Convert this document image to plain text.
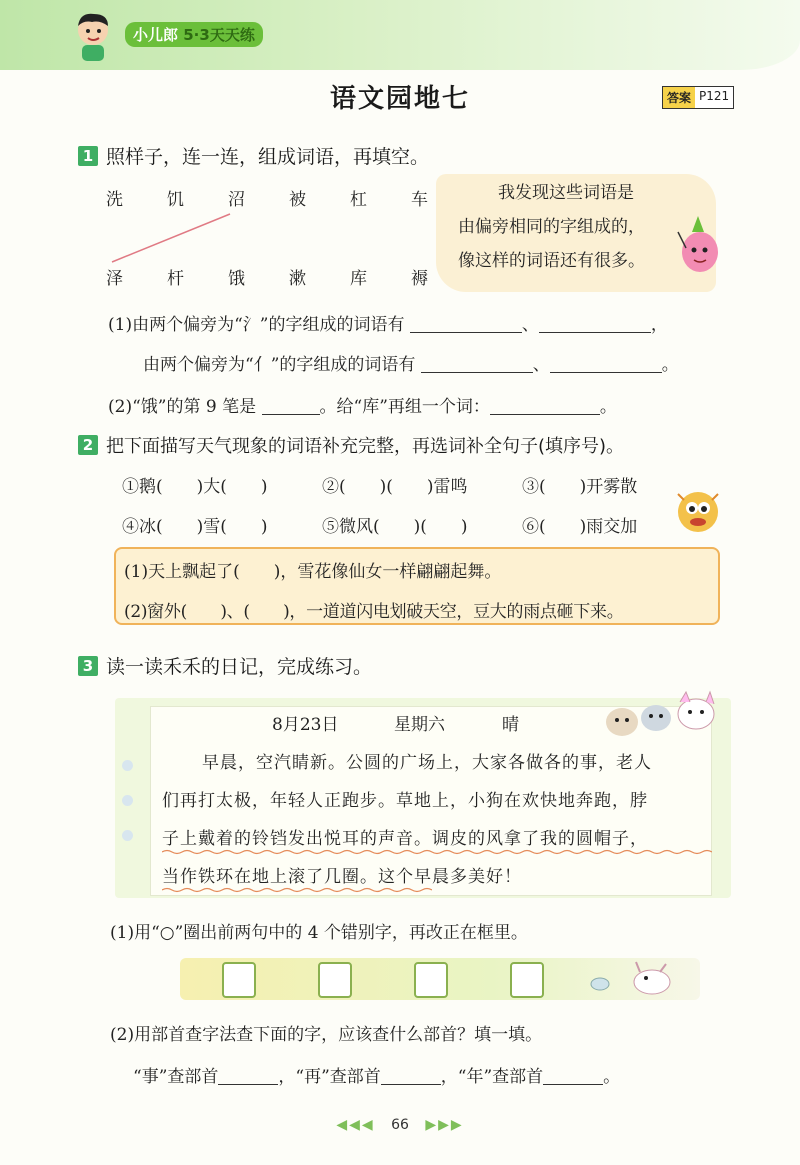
小儿郎 5·3天天练
语文园地七	答案 P121
1 照样子，连一连，组成词语，再填空。
洗	饥	沼	被	杠	车
泽	杆	饿	漱	库	褥
我发现这些词语是
由偏旁相同的字组成的，
像这样的词语还有很多。
(1)由两个偏旁为“氵”的字组成的词语有	、	，
由两个偏旁为“亻”的字组成的词语有	、	。
(2)“饿”的第 9 笔是	。给“库”再组一个词：	。
2 把下面描写天气现象的词语补充完整，再选词补全句子(填序号)。
①鹅(　　)大(　　)	②(　　)(　　)雷鸣	③(　　)开雾散
④冰(　　)雪(　　)	⑤微风(　　)(　　)	⑥(　　)雨交加
(1)天上飘起了(　　)，雪花像仙女一样翩翩起舞。
(2)窗外(　　)、(　　)，一道道闪电划破天空，豆大的雨点砸下来。
3 读一读禾禾的日记，完成练习。
8月23日	星期六	晴
早晨，空汽睛新。公圆的广场上，大家各做各的事，老人
们再打太极，年轻人正跑步。草地上，小狗在欢快地奔跑，脖
子上戴着的铃铛发出悦耳的声音。调皮的风拿了我的圆帽子，
当作铁环在地上滚了几圈。这个早晨多美好！
(1)用“○”圈出前两句中的 4 个错别字，再改正在框里。
(2)用部首查字法查下面的字，应该查什么部首？填一填。
“事”查部首	，“再”查部首	，“年”查部首	。
◀◀◀ 66 ▶▶▶
